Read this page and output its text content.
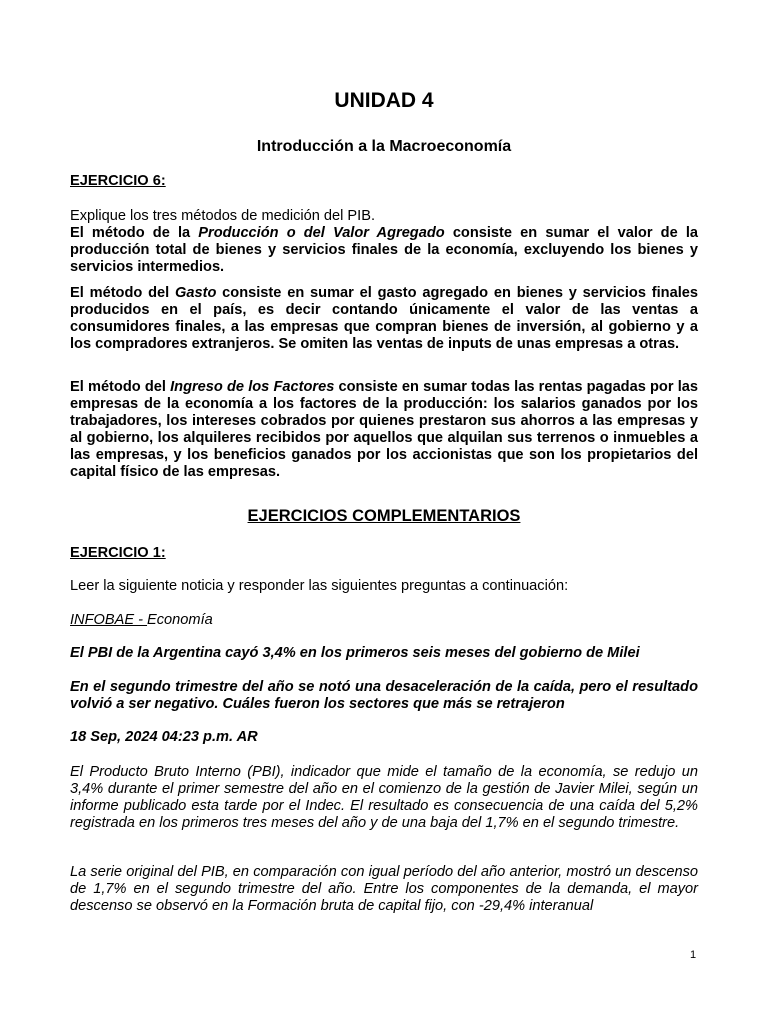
UNIDAD 4
Introducción a la Macroeconomía
EJERCICIO 6:
Explique los tres métodos de medición del PIB.
El método de la Producción o del Valor Agregado consiste en sumar el valor de la producción total de bienes y servicios finales de la economía, excluyendo los bienes y servicios intermedios.
El método del Gasto consiste en sumar el gasto agregado en bienes y servicios finales producidos en el país, es decir contando únicamente el valor de las ventas a consumidores finales, a las empresas que compran bienes de inversión, al gobierno y a los compradores extranjeros. Se omiten las ventas de inputs de unas empresas a otras.
El método del Ingreso de los Factores consiste en sumar todas las rentas pagadas por las empresas de la economía a los factores de la producción: los salarios ganados por los trabajadores, los intereses cobrados por quienes prestaron sus ahorros a las empresas y al gobierno, los alquileres recibidos por aquellos que alquilan sus terrenos o inmuebles a las empresas, y los beneficios ganados por los accionistas que son los propietarios del capital físico de las empresas.
EJERCICIOS COMPLEMENTARIOS
EJERCICIO 1:
Leer la siguiente noticia y responder las siguientes preguntas a continuación:
INFOBAE - Economía
El PBI de la Argentina cayó 3,4% en los primeros seis meses del gobierno de Milei
En el segundo trimestre del año se notó una desaceleración de la caída, pero el resultado volvió a ser negativo. Cuáles fueron los sectores que más se retrajeron
18 Sep, 2024 04:23 p.m. AR
El Producto Bruto Interno (PBI), indicador que mide el tamaño de la economía, se redujo un 3,4% durante el primer semestre del año en el comienzo de la gestión de Javier Milei, según un informe publicado esta tarde por el Indec. El resultado es consecuencia de una caída del 5,2% registrada en los primeros tres meses del año y de una baja del 1,7% en el segundo trimestre.
La serie original del PIB, en comparación con igual período del año anterior, mostró un descenso de 1,7% en el segundo trimestre del año. Entre los componentes de la demanda, el mayor descenso se observó en la Formación bruta de capital fijo, con -29,4% interanual
1
